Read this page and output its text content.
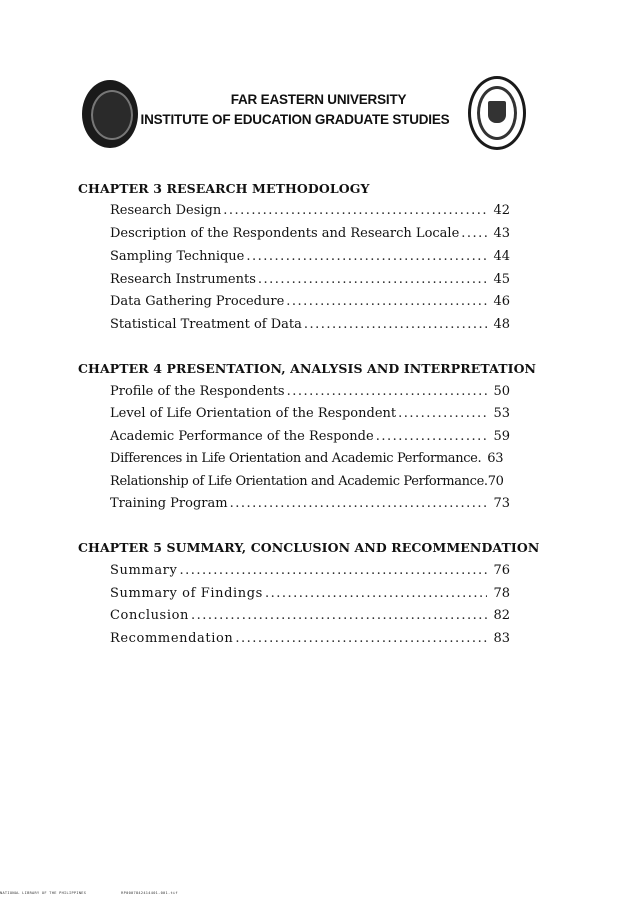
FAR EASTERN UNIVERSITY
INSTITUTE OF EDUCATION GRADUATE STUDIES
CHAPTER 3 RESEARCH METHODOLOGY
Research Design .....	42
Description of the Respondents and Research Locale .....	43
Sampling Technique .....	44
Research Instruments .....	45
Data Gathering Procedure .....	46
Statistical Treatment of Data .....	48
CHAPTER 4 PRESENTATION, ANALYSIS AND INTERPRETATION
Profile of the Respondents .....	50
Level of Life Orientation of the Respondent .....	53
Academic Performance of the Responde .....	59
Differences in Life Orientation and Academic Performance. 63
Relationship of Life Orientation and Academic Performance. 70
Training Program .....	73
CHAPTER 5 SUMMARY, CONCLUSION AND RECOMMENDATION
Summary .....	76
Summary of Findings .....	78
Conclusion .....	82
Recommendation .....	83
NATIONAL LIBRARY OF THE PHILIPPINES	RP0007842414401-001.tif
